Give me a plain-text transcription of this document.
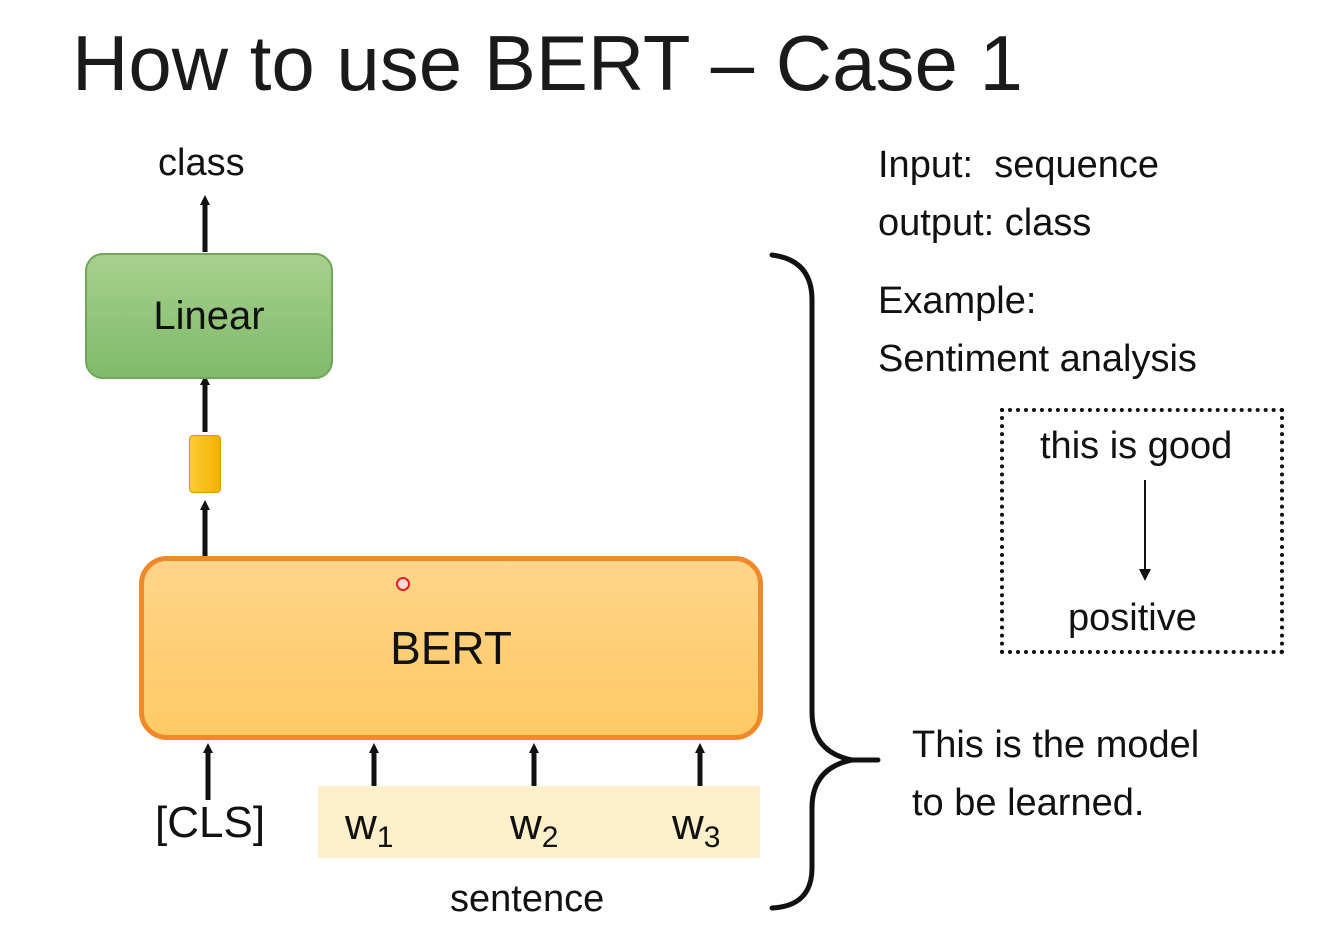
How to use BERT – Case 1
class
Linear
BERT
[CLS] $w_1$	$w_2$	$w_3$
sentence
Input:  sequence
output: class
Example:
Sentiment analysis
this is good
positive
This is the model
to be learned.
